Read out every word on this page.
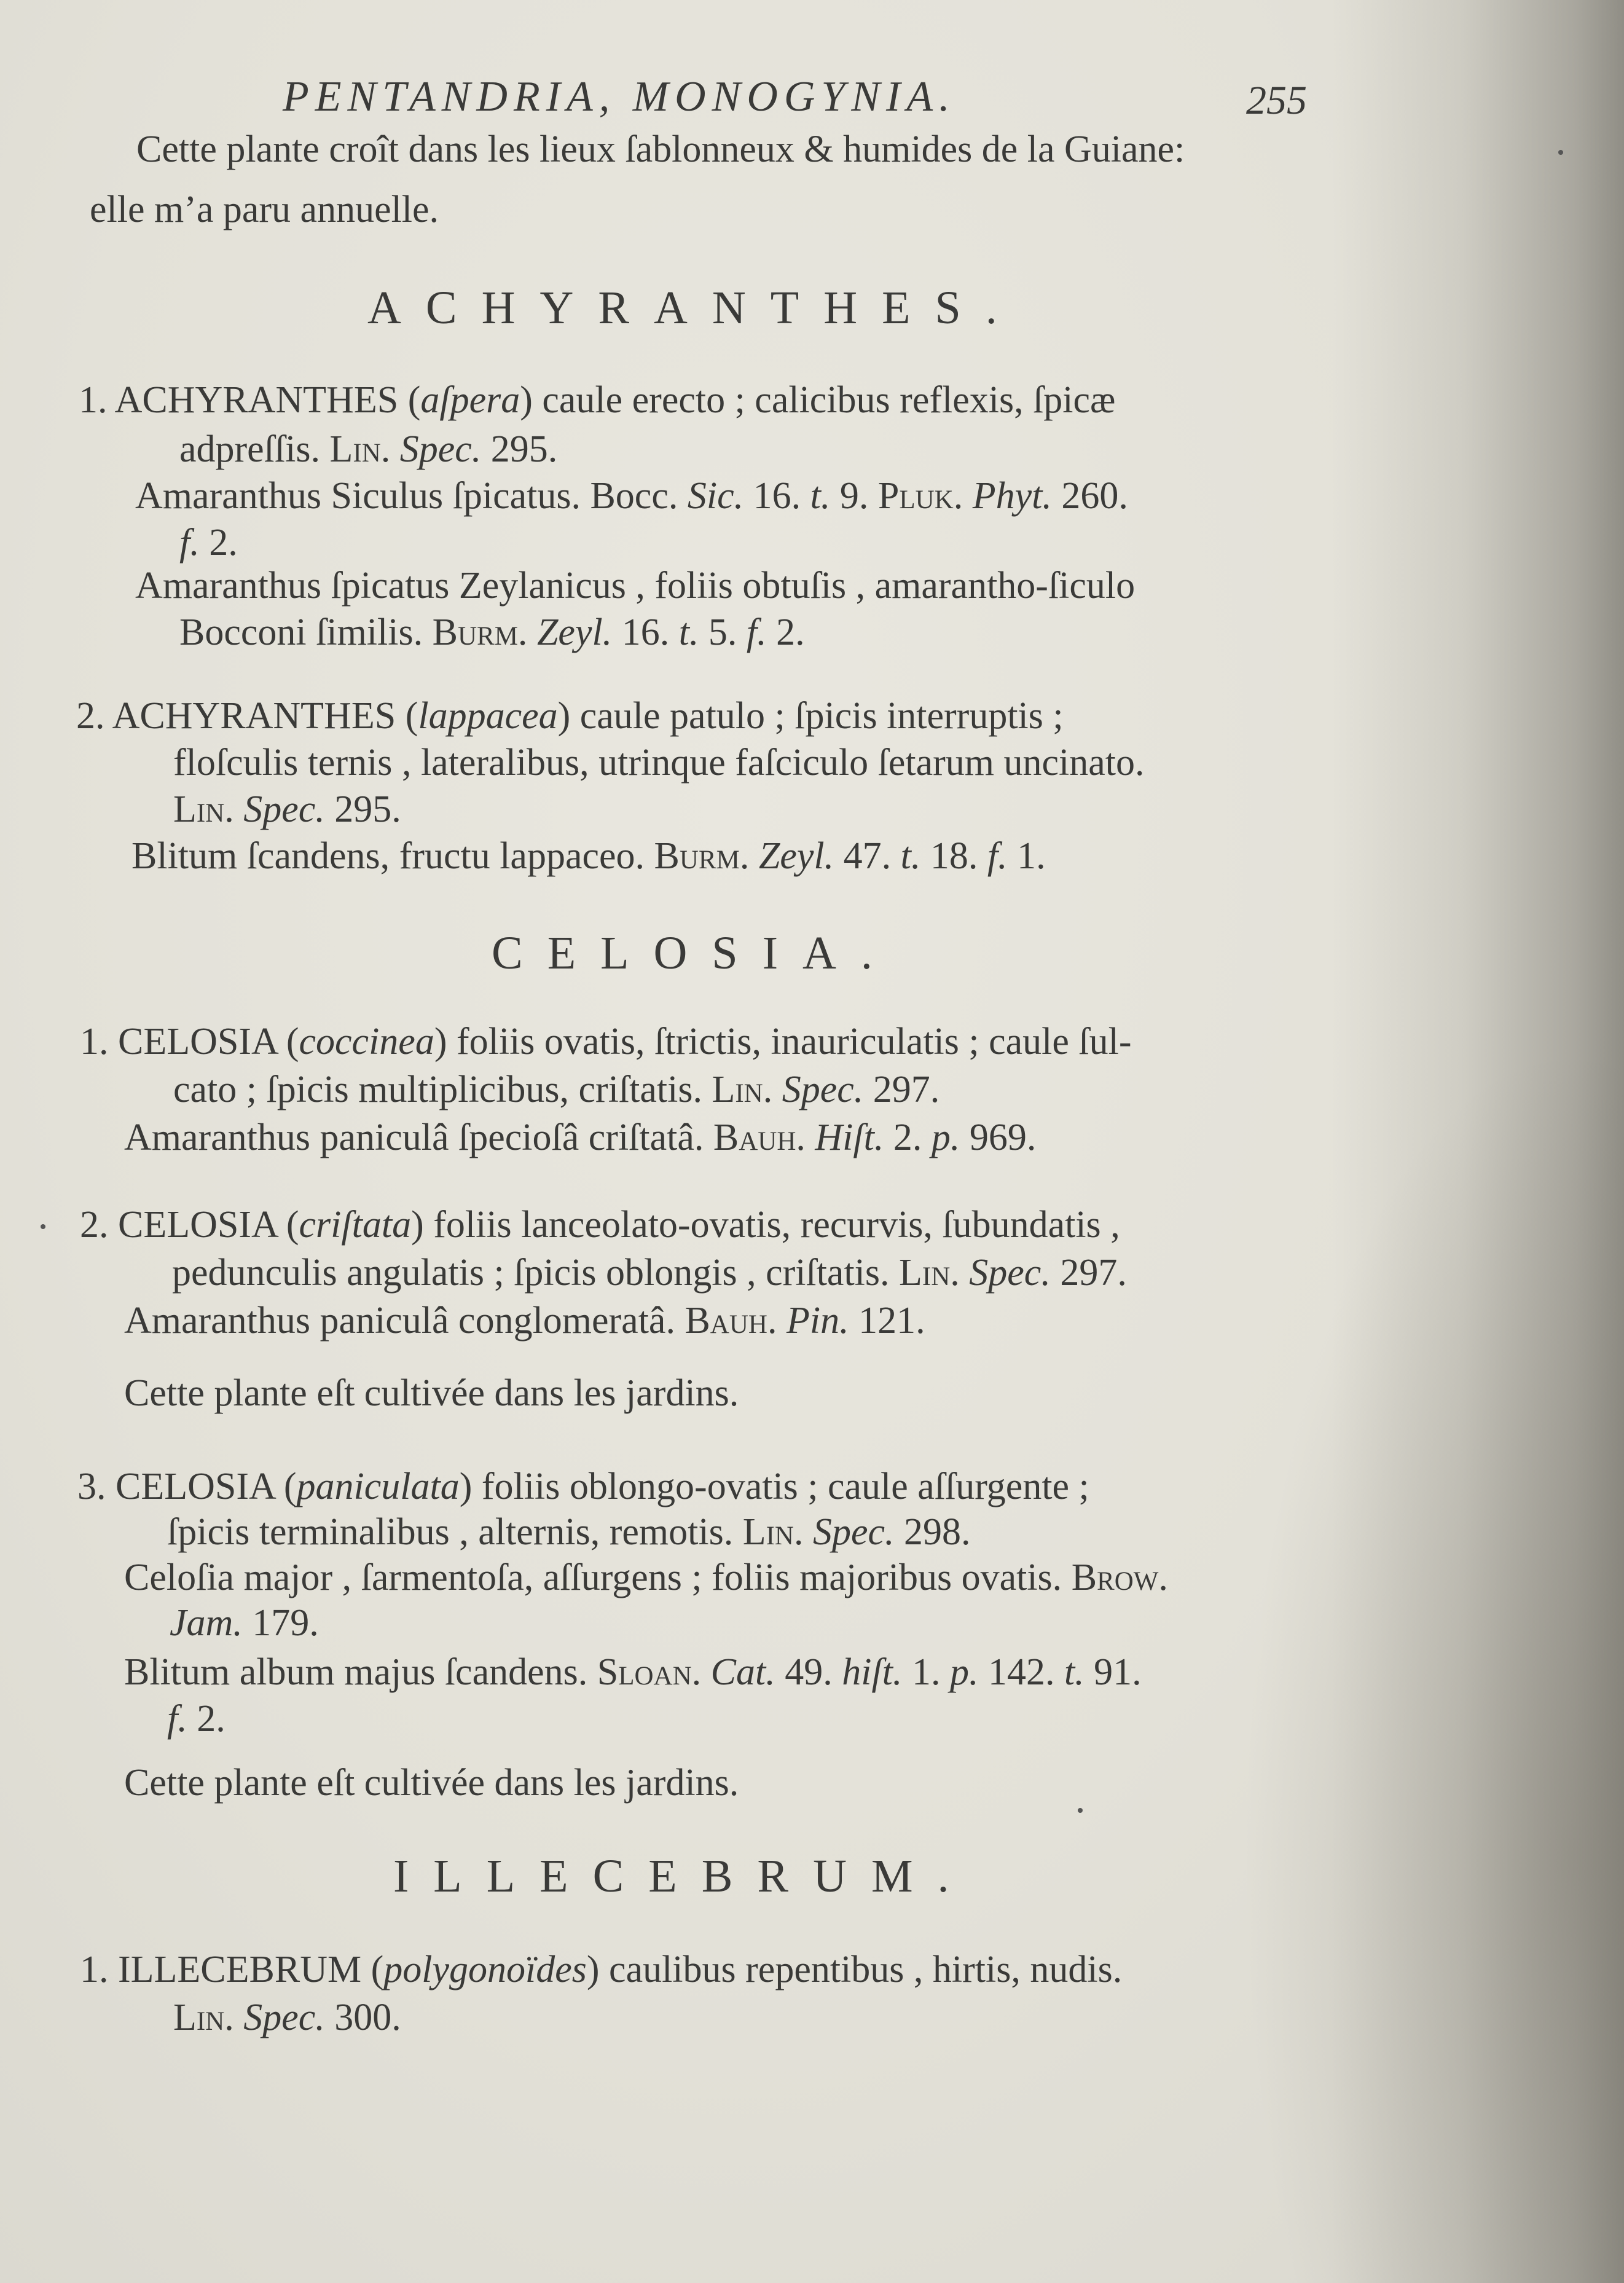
PENTANDRIA, MONOGYNIA.	255
Cette plante croît dans les lieux ſablonneux & humides de la Guiane:
elle m’a paru annuelle.
ACHYRANTHES.
1. ACHYRANTHES (aſpera) caule erecto ; calicibus reflexis, ſpicæ
adpreſſis. Lin. Spec. 295.
Amaranthus Siculus ſpicatus. Bocc. Sic. 16. t. 9. Pluk. Phyt. 260.
f. 2.
Amaranthus ſpicatus Zeylanicus , foliis obtuſis , amarantho-ſiculo
Bocconi ſimilis. Burm. Zeyl. 16. t. 5. f. 2.
2. ACHYRANTHES (lappacea) caule patulo ; ſpicis interruptis ;
floſculis ternis , lateralibus, utrinque faſciculo ſetarum uncinato.
Lin. Spec. 295.
Blitum ſcandens, fructu lappaceo. Burm. Zeyl. 47. t. 18. f. 1.
CELOSIA.
1. CELOSIA (coccinea) foliis ovatis, ſtrictis, inauriculatis ; caule ſul-
cato ; ſpicis multiplicibus, criſtatis. Lin. Spec. 297.
Amaranthus paniculâ ſpecioſâ criſtatâ. Bauh. Hiſt. 2. p. 969.
2. CELOSIA (criſtata) foliis lanceolato-ovatis, recurvis, ſubundatis ,
pedunculis angulatis ; ſpicis oblongis , criſtatis. Lin. Spec. 297.
Amaranthus paniculâ conglomeratâ. Bauh. Pin. 121.
Cette plante eſt cultivée dans les jardins.
3. CELOSIA (paniculata) foliis oblongo-ovatis ; caule aſſurgente ;
ſpicis terminalibus , alternis, remotis. Lin. Spec. 298.
Celoſia major , ſarmentoſa, aſſurgens ; foliis majoribus ovatis. Brow.
Jam. 179.
Blitum album majus ſcandens. Sloan. Cat. 49. hiſt. 1. p. 142. t. 91.
f. 2.
Cette plante eſt cultivée dans les jardins.
ILLECEBRUM.
1. ILLECEBRUM (polygonoïdes) caulibus repentibus , hirtis, nudis.
Lin. Spec. 300.
